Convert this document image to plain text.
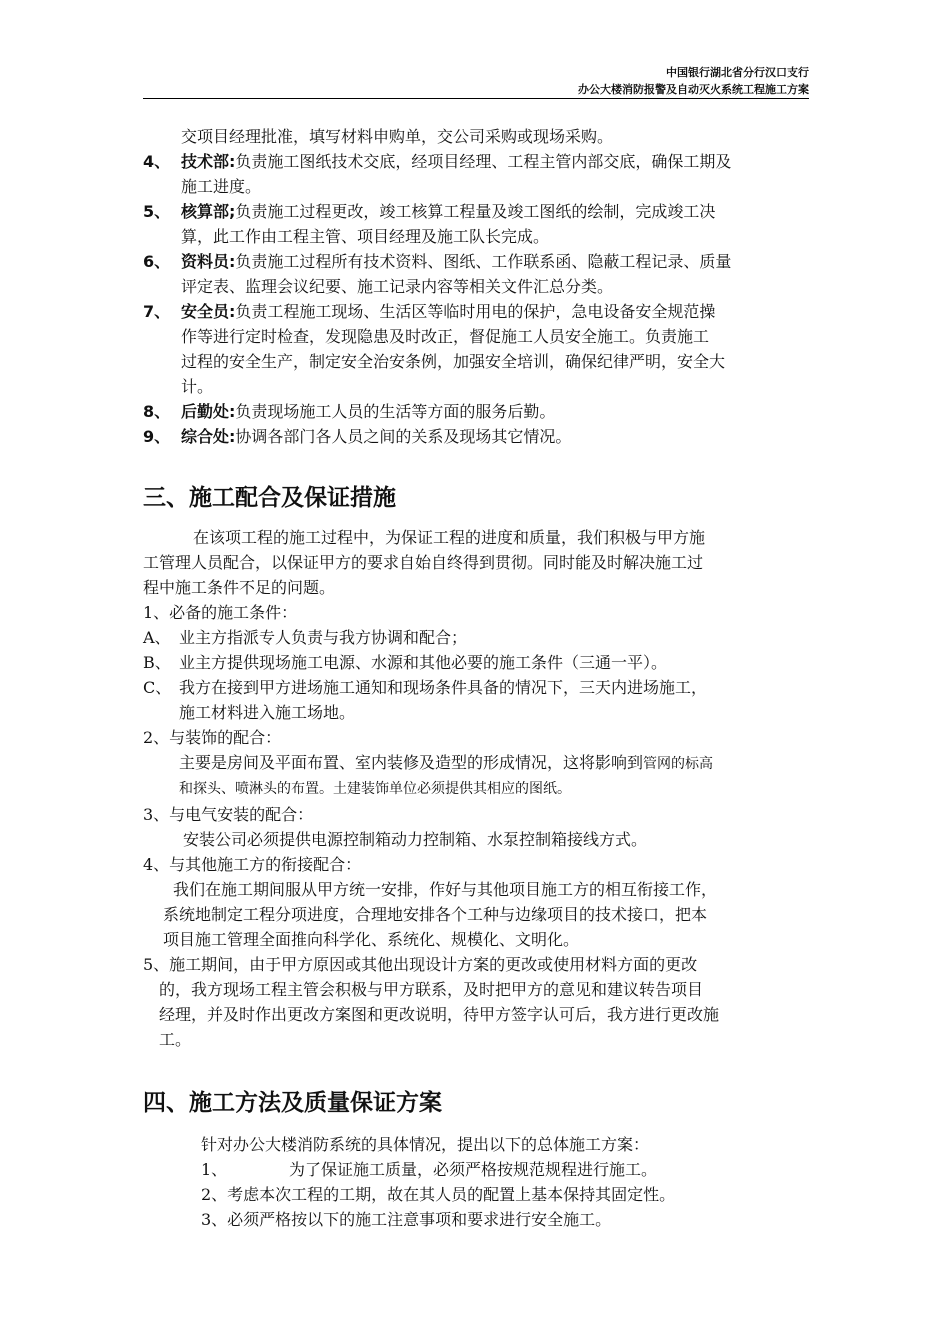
中国银行湖北省分行汉口支行
办公大楼消防报警及自动灭火系统工程施工方案
交项目经理批准，填写材料申购单，交公司采购或现场采购。
4、 技术部: 负责施工图纸技术交底，经项目经理、工程主管内部交底，确保工期及
施工进度。
5、 核算部; 负责施工过程更改，竣工核算工程量及竣工图纸的绘制，完成竣工决
算，此工作由工程主管、项目经理及施工队长完成。
6、 资料员: 负责施工过程所有技术资料、图纸、工作联系函、隐蔽工程记录、质量
评定表、监理会议纪要、施工记录内容等相关文件汇总分类。
7、 安全员: 负责工程施工现场、生活区等临时用电的保护，急电设备安全规范操
作等进行定时检查，发现隐患及时改正，督促施工人员安全施工。负责施工
过程的安全生产，制定安全治安条例，加强安全培训，确保纪律严明，安全大
计。
8、 后勤处: 负责现场施工人员的生活等方面的服务后勤。
9、 综合处: 协调各部门各人员之间的关系及现场其它情况。
三、施工配合及保证措施
在该项工程的施工过程中，为保证工程的进度和质量，我们积极与甲方施
工管理人员配合，以保证甲方的要求自始自终得到贯彻。同时能及时解决施工过
程中施工条件不足的问题。
1、必备的施工条件：
A、 业主方指派专人负责与我方协调和配合；
B、 业主方提供现场施工电源、水源和其他必要的施工条件（三通一平）。
C、 我方在接到甲方进场施工通知和现场条件具备的情况下，三天内进场施工，
施工材料进入施工场地。
2、与装饰的配合：
主要是房间及平面布置、室内装修及造型的形成情况，这将影响到管网的标高
和探头、喷淋头的布置。土建装饰单位必须提供其相应的图纸。
3、与电气安装的配合：
安装公司必须提供电源控制箱动力控制箱、水泵控制箱接线方式。
4、与其他施工方的衔接配合：
我们在施工期间服从甲方统一安排，作好与其他项目施工方的相互衔接工作，
系统地制定工程分项进度，合理地安排各个工种与边缘项目的技术接口，把本
项目施工管理全面推向科学化、系统化、规模化、文明化。
5、施工期间，由于甲方原因或其他出现设计方案的更改或使用材料方面的更改
的，我方现场工程主管会积极与甲方联系，及时把甲方的意见和建议转告项目
经理，并及时作出更改方案图和更改说明，待甲方签字认可后，我方进行更改施
工。
四、施工方法及质量保证方案
针对办公大楼消防系统的具体情况，提出以下的总体施工方案：
1、	为了保证施工质量，必须严格按规范规程进行施工。
2、考虑本次工程的工期，故在其人员的配置上基本保持其固定性。
3、必须严格按以下的施工注意事项和要求进行安全施工。
